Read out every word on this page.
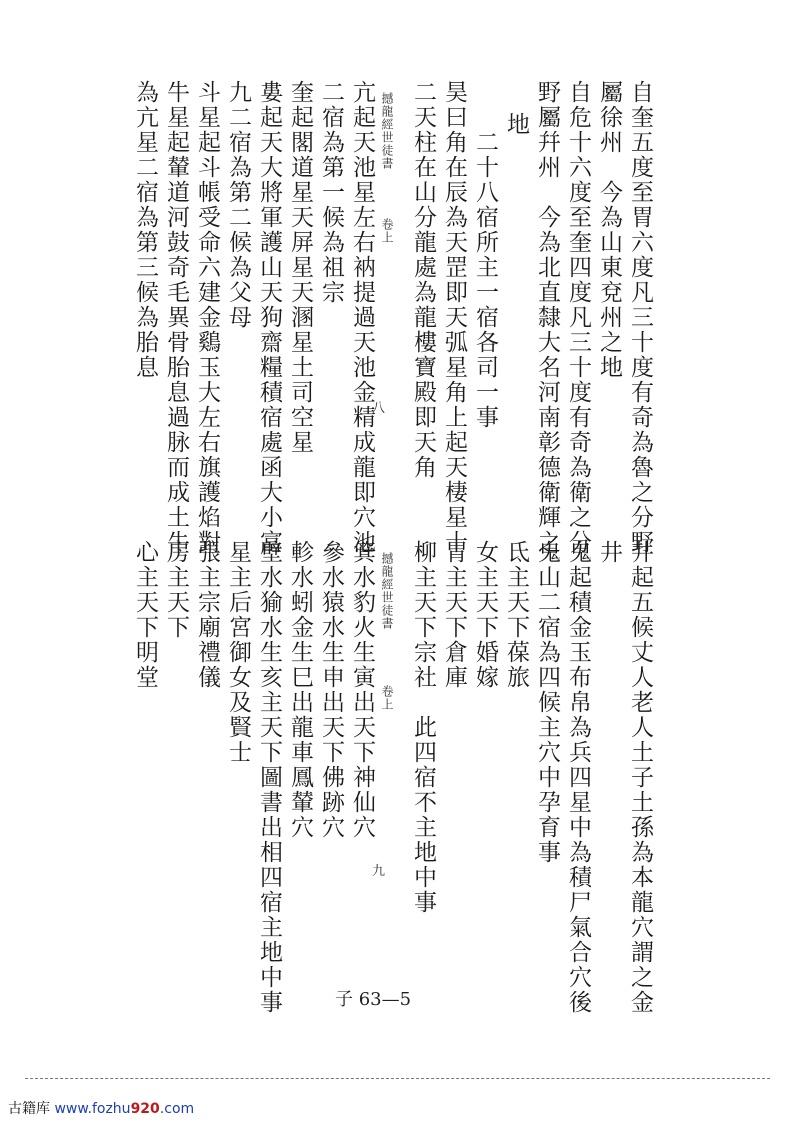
自奎五度至胃六度凡三十度有奇為魯之分野
屬徐州　今為山東兗州之地
自危十六度至奎四度凡三十度有奇為衛之分
野屬幷州　今為北直隸大名河南彰德衛輝之
地
二十八宿所主一宿各司一事
昊曰角在辰為天罡即天弧星角上起天棲星十
二天柱在山分龍處為龍樓寶殿即天角
撼龍經世徒書
卷上
八
亢起天池星左右衲提過天池金精成龍即穴池
二宿為第一候為祖宗
奎起閣道星天屏星天溷星土司空星
婁起天大將軍護山天狗齋糧積宿處函大小富
九二宿為第二候為父母
斗星起斗帳受命六建金鷄玉大左右旗護焰對
牛星起輦道河鼓奇毛異骨胎息過脉而成土牛
為亢星二宿為第三候為胎息
井起五候丈人老人土子土孫為本龍穴謂之金
井
鬼起積金玉布帛為兵四星中為積尸氣合穴後
鬼山二宿為四候主穴中孕育事
氐主天下葆旅
女主天下婚嫁
胃主天下倉庫
柳主天下宗社　此四宿不主地中事
撼龍經世徒書
卷上
九
箕水豹火生寅出天下神仙穴
參水猿水生申出天下佛跡穴
軫水蚓金生巳出龍車鳳輦穴
壁水㺄水生亥主天下圖書出相四宿主地中事
星主后宮御女及賢士
張主宗廟禮儀
房主天下
心主天下明堂
子 63—5
古籍库 www.fozhu920.com
